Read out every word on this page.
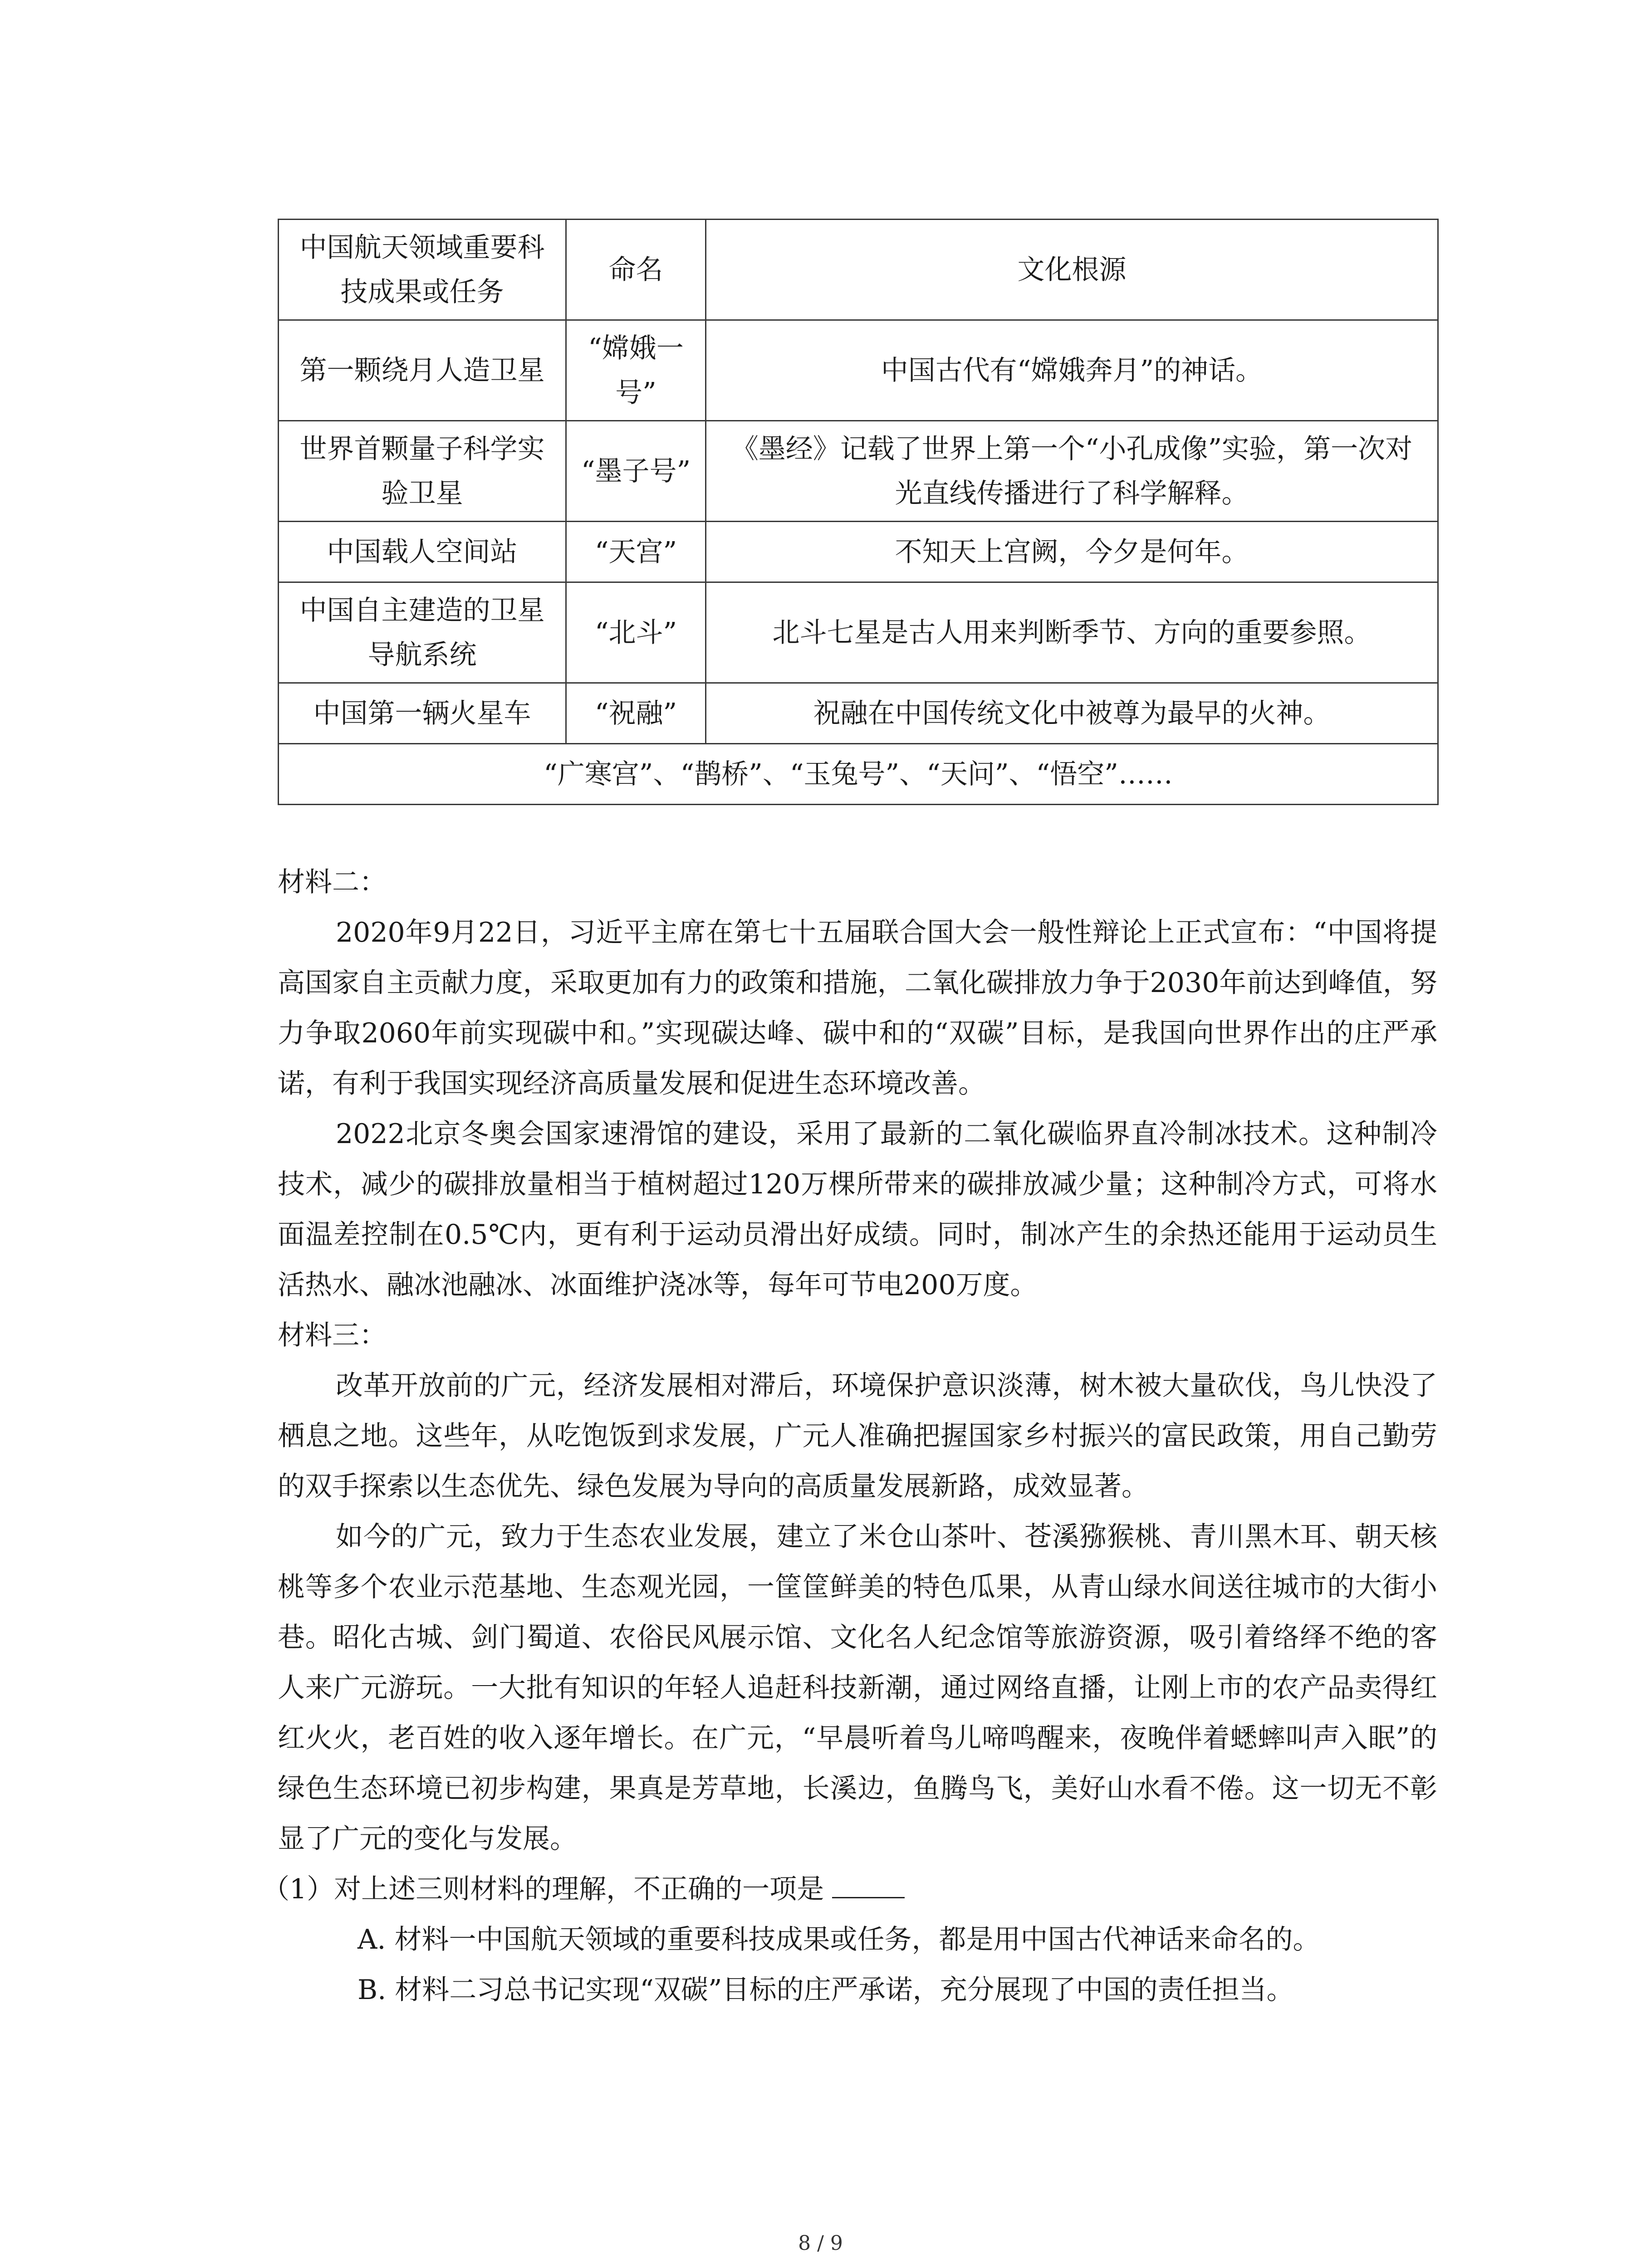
中国航天领域重要科技成果或任务	命名	文化根源
第一颗绕月人造卫星	“嫦娥一号”	中国古代有“嫦娥奔月”的神话。
世界首颗量子科学实验卫星	“墨子号”	《墨经》记载了世界上第一个“小孔成像”实验，第一次对光直线传播进行了科学解释。
中国载人空间站	“天宫”	不知天上宫阙，今夕是何年。
中国自主建造的卫星导航系统	“北斗”	北斗七星是古人用来判断季节、方向的重要参照。
中国第一辆火星车	“祝融”	祝融在中国传统文化中被尊为最早的火神。
“广寒宫”、“鹊桥”、“玉兔号”、“天问”、“悟空”……		

材料二：

2020年9月22日，习近平主席在第七十五届联合国大会一般性辩论上正式宣布：“中国将提高国家自主贡献力度，采取更加有力的政策和措施，二氧化碳排放力争于2030年前达到峰值，努力争取2060年前实现碳中和。”实现碳达峰、碳中和的“双碳”目标，是我国向世界作出的庄严承诺，有利于我国实现经济高质量发展和促进生态环境改善。

2022北京冬奥会国家速滑馆的建设，采用了最新的二氧化碳临界直冷制冰技术。这种制冷技术，减少的碳排放量相当于植树超过120万棵所带来的碳排放减少量；这种制冷方式，可将水面温差控制在0.5℃内，更有利于运动员滑出好成绩。同时，制冰产生的余热还能用于运动员生活热水、融冰池融冰、冰面维护浇冰等，每年可节电200万度。

材料三：

改革开放前的广元，经济发展相对滞后，环境保护意识淡薄，树木被大量砍伐，鸟儿快没了栖息之地。这些年，从吃饱饭到求发展，广元人准确把握国家乡村振兴的富民政策，用自己勤劳的双手探索以生态优先、绿色发展为导向的高质量发展新路，成效显著。

如今的广元，致力于生态农业发展，建立了米仓山茶叶、苍溪猕猴桃、青川黑木耳、朝天核桃等多个农业示范基地、生态观光园，一筐筐鲜美的特色瓜果，从青山绿水间送往城市的大街小巷。昭化古城、剑门蜀道、农俗民风展示馆、文化名人纪念馆等旅游资源，吸引着络绎不绝的客人来广元游玩。一大批有知识的年轻人追赶科技新潮，通过网络直播，让刚上市的农产品卖得红红火火，老百姓的收入逐年增长。在广元，“早晨听着鸟儿啼鸣醒来，夜晚伴着蟋蟀叫声入眠”的绿色生态环境已初步构建，果真是芳草地，长溪边，鱼腾鸟飞，美好山水看不倦。这一切无不彰显了广元的变化与发展。

（1）对上述三则材料的理解，不正确的一项是

A. 材料一中国航天领域的重要科技成果或任务，都是用中国古代神话来命名的。

B. 材料二习总书记实现“双碳”目标的庄严承诺，充分展现了中国的责任担当。

8 / 9
